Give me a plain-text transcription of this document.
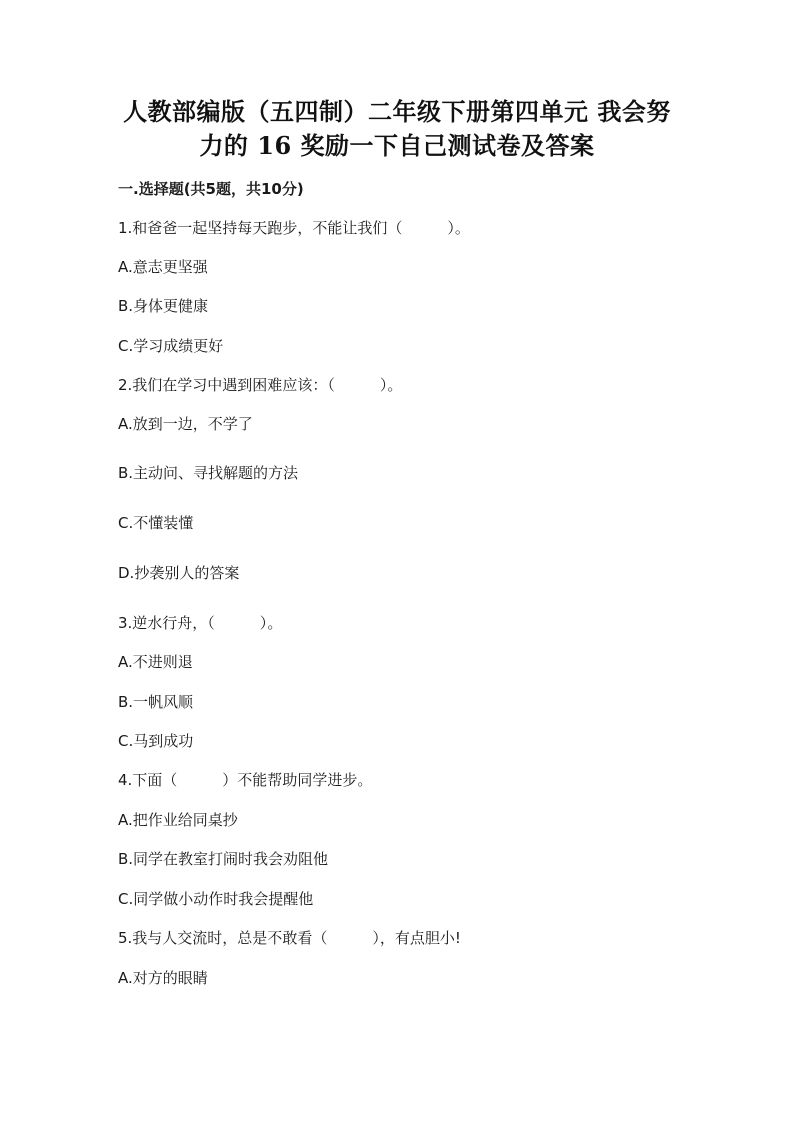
人教部编版（五四制）二年级下册第四单元 我会努
力的 16 奖励一下自己测试卷及答案
一.选择题(共5题，共10分)
1.和爸爸一起坚持每天跑步，不能让我们（　　　）。
A.意志更坚强
B.身体更健康
C.学习成绩更好
2.我们在学习中遇到困难应该：（　　　）。
A.放到一边，不学了
B.主动问、寻找解题的方法
C.不懂装懂
D.抄袭别人的答案
3.逆水行舟，（　　　）。
A.不进则退
B.一帆风顺
C.马到成功
4.下面（　　　）不能帮助同学进步。
A.把作业给同桌抄
B.同学在教室打闹时我会劝阻他
C.同学做小动作时我会提醒他
5.我与人交流时，总是不敢看（　　　），有点胆小!
A.对方的眼睛
